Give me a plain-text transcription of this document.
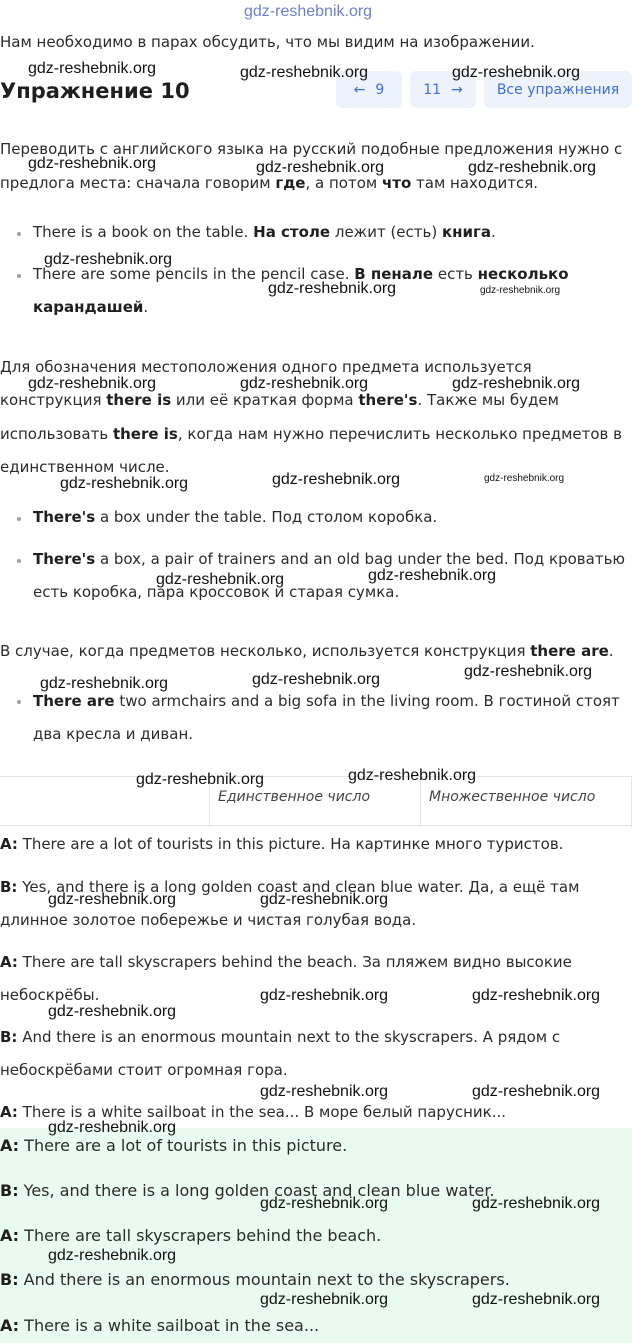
gdz-reshebnik.org
Нам необходимо в парах обсудить, что мы видим на изображении.
Упражнение 10	← 9	11 →	Все упражнения
Переводить с английского языка на русский подобные предложения нужно с
предлога места: сначала говорим где, а потом что там находится.
There is a book on the table. На столе лежит (есть) книга.
There are some pencils in the pencil case. В пенале есть несколько
карандашей.
Для обозначения местоположения одного предмета используется
конструкция there is или её краткая форма there's. Также мы будем
использовать there is, когда нам нужно перечислить несколько предметов в
единственном числе.
There's a box under the table. Под столом коробка.
There's a box, a pair of trainers and an old bag under the bed. Под кроватью
есть коробка, пара кроссовок и старая сумка.
В случае, когда предметов несколько, используется конструкция there are.
There are two armchairs and a big sofa in the living room. В гостиной стоят
два кресла и диван.
Единственное число	Множественное число
A: There are a lot of tourists in this picture. На картинке много туристов.
B: Yes, and there is a long golden coast and clean blue water. Да, а ещё там
длинное золотое побережье и чистая голубая вода.
A: There are tall skyscrapers behind the beach. За пляжем видно высокие
небоскрёбы.
B: And there is an enormous mountain next to the skyscrapers. А рядом с
небоскрёбами стоит огромная гора.
A: There is a white sailboat in the sea... В море белый парусник...
A: There are a lot of tourists in this picture.
B: Yes, and there is a long golden coast and clean blue water.
A: There are tall skyscrapers behind the beach.
B: And there is an enormous mountain next to the skyscrapers.
A: There is a white sailboat in the sea...
gdz-reshebnik.org	gdz-reshebnik.org	gdz-reshebnik.org
gdz-reshebnik.org	gdz-reshebnik.org	gdz-reshebnik.org
gdz-reshebnik.org
gdz-reshebnik.org	gdz-reshebnik.org
gdz-reshebnik.org	gdz-reshebnik.org	gdz-reshebnik.org
gdz-reshebnik.org	gdz-reshebnik.org	gdz-reshebnik.org
gdz-reshebnik.org	gdz-reshebnik.org
gdz-reshebnik.org
gdz-reshebnik.org	gdz-reshebnik.org
gdz-reshebnik.org	gdz-reshebnik.org
gdz-reshebnik.org	gdz-reshebnik.org
gdz-reshebnik.org	gdz-reshebnik.org
gdz-reshebnik.org
gdz-reshebnik.org	gdz-reshebnik.org
gdz-reshebnik.org
gdz-reshebnik.org	gdz-reshebnik.org
gdz-reshebnik.org
gdz-reshebnik.org	gdz-reshebnik.org
